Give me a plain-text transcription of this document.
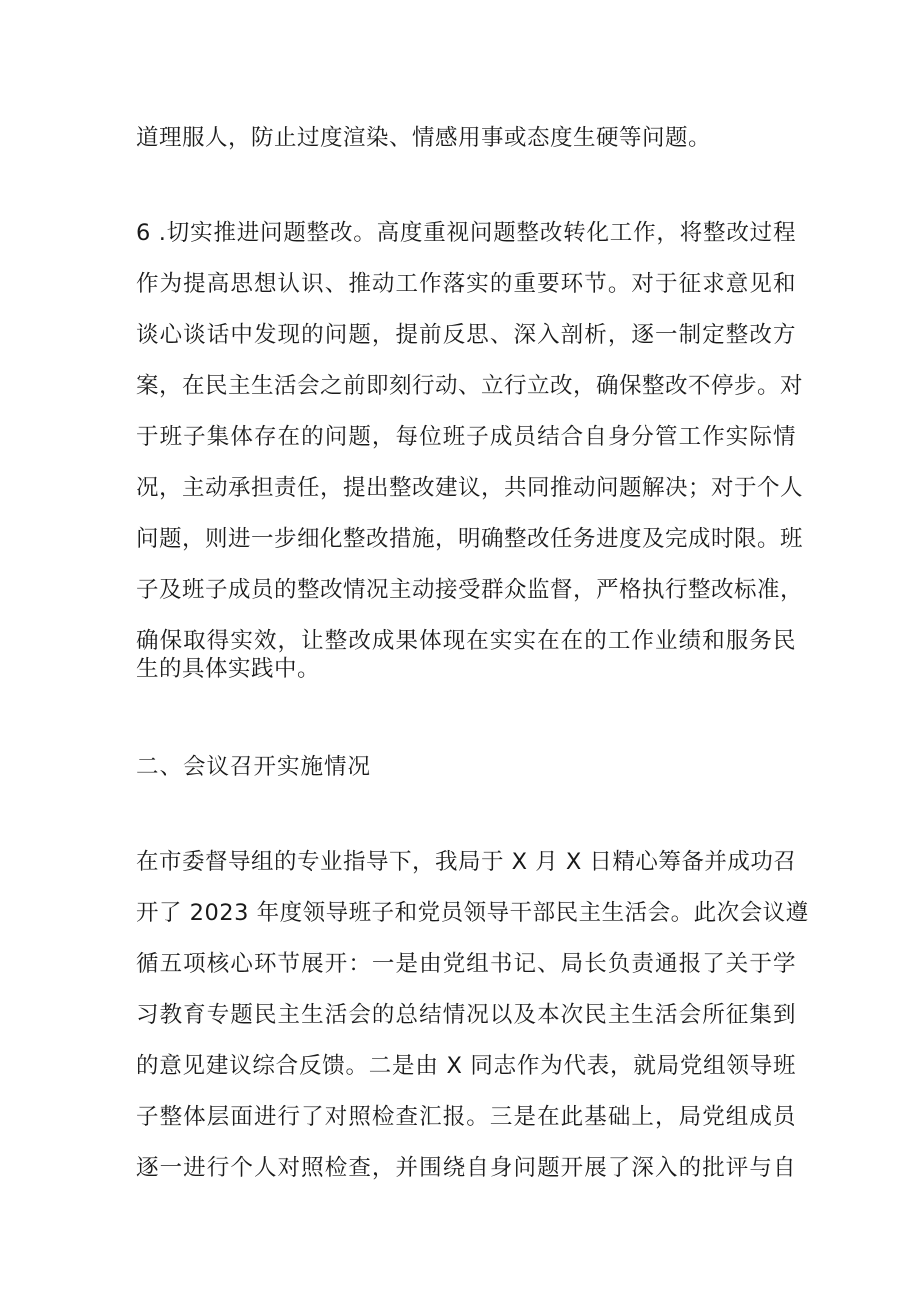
道理服人，防止过度渲染、情感用事或态度生硬等问题。
6 .切实推进问题整改。高度重视问题整改转化工作，将整改过程
作为提高思想认识、推动工作落实的重要环节。对于征求意见和
谈心谈话中发现的问题，提前反思、深入剖析，逐一制定整改方
案，在民主生活会之前即刻行动、立行立改，确保整改不停步。对
于班子集体存在的问题，每位班子成员结合自身分管工作实际情
况，主动承担责任，提出整改建议，共同推动问题解决；对于个人
问题，则进一步细化整改措施，明确整改任务进度及完成时限。班
子及班子成员的整改情况主动接受群众监督，严格执行整改标准，
确保取得实效，让整改成果体现在实实在在的工作业绩和服务民
生的具体实践中。
二、会议召开实施情况
在市委督导组的专业指导下，我局于 X 月 X 日精心筹备并成功召
开了 2023 年度领导班子和党员领导干部民主生活会。此次会议遵
循五项核心环节展开：一是由党组书记、局长负责通报了关于学
习教育专题民主生活会的总结情况以及本次民主生活会所征集到
的意见建议综合反馈。二是由 X 同志作为代表，就局党组领导班
子整体层面进行了对照检查汇报。三是在此基础上，局党组成员
逐一进行个人对照检查，并围绕自身问题开展了深入的批评与自
